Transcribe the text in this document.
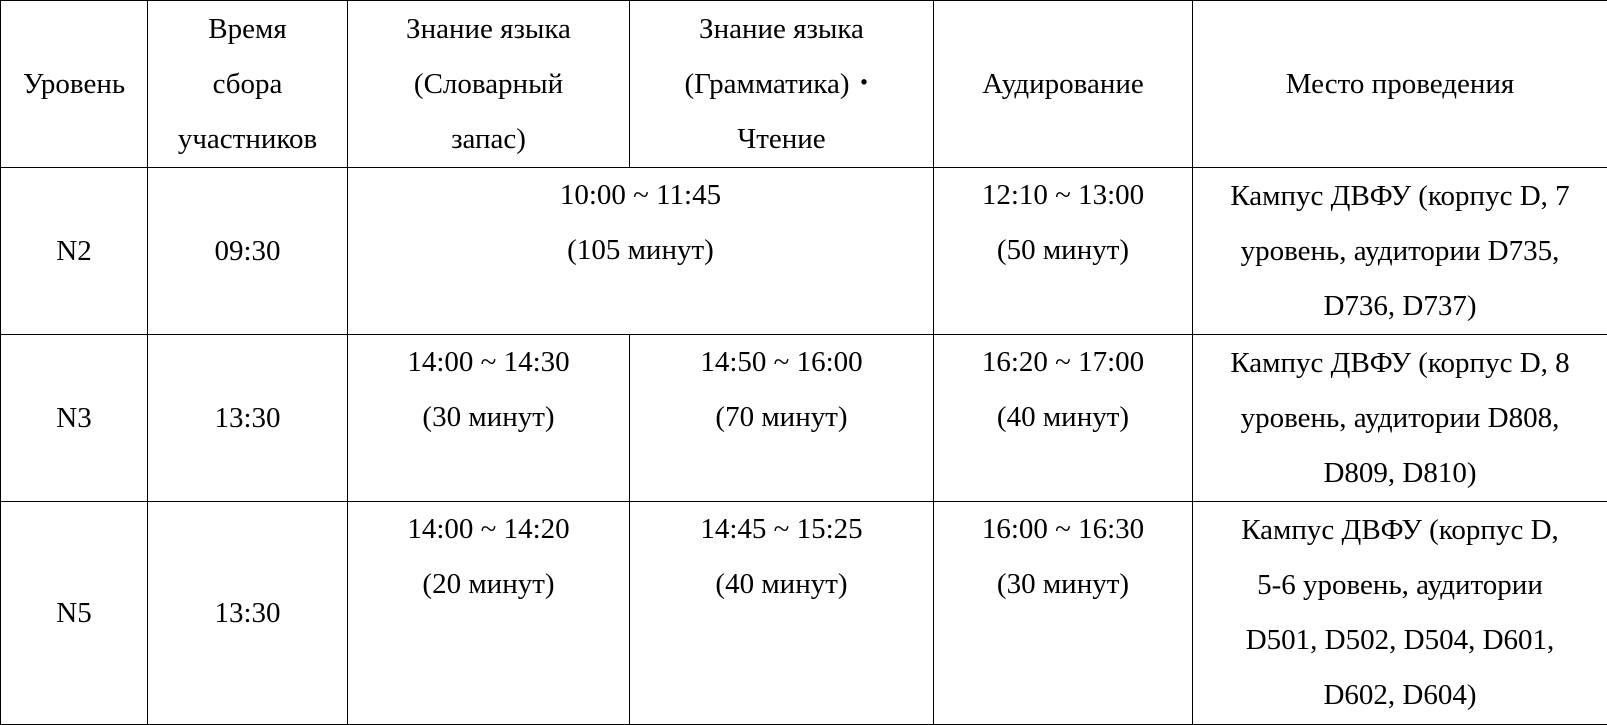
Уровень	Время
сбора
участников	Знание языка
(Словарный
запас)	Знание языка
(Грамматика)・
Чтение	Аудирование	Место проведения

N2	09:30	10:00 ~ 11:45
(105 минут)		12:10 ~ 13:00
(50 минут)	Кампус ДВФУ (корпус D, 7
уровень, аудитории D735,
D736, D737)

N3	13:30	14:00 ~ 14:30
(30 минут)	14:50 ~ 16:00
(70 минут)	16:20 ~ 17:00
(40 минут)	Кампус ДВФУ (корпус D, 8
уровень, аудитории D808,
D809, D810)

N5	13:30	14:00 ~ 14:20
(20 минут)	14:45 ~ 15:25
(40 минут)	16:00 ~ 16:30
(30 минут)	Кампус ДВФУ (корпус D,
5-6 уровень, аудитории
D501, D502, D504, D601,
D602, D604)
